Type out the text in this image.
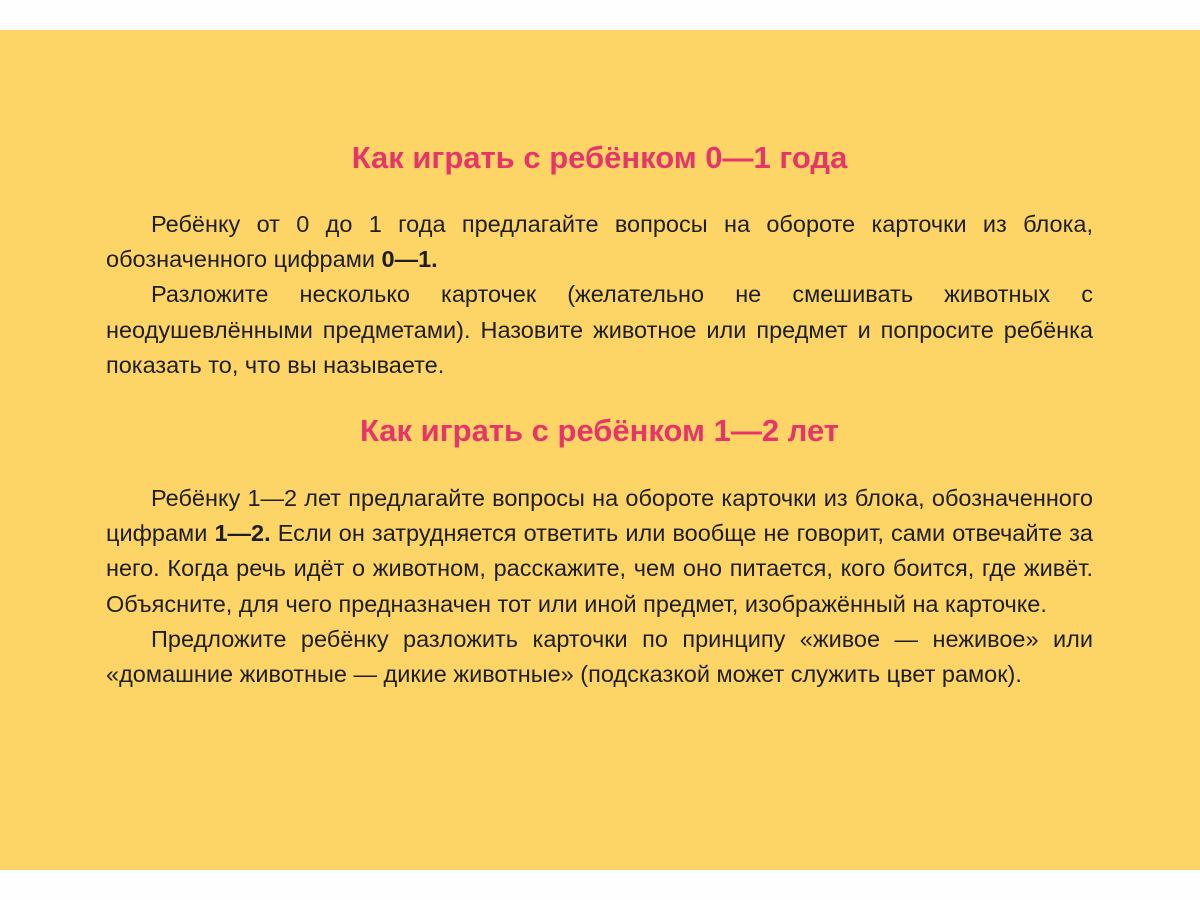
Как играть с ребёнком 0—1 года

Ребёнку от 0 до 1 года предлагайте вопросы на обороте карточки из блока, обозначенного цифрами 0—1.

Разложите несколько карточек (желательно не смешивать животных с неодушевлёнными предметами). Назовите животное или предмет и попросите ребёнка показать то, что вы называете.

Как играть с ребёнком 1—2 лет

Ребёнку 1—2 лет предлагайте вопросы на обороте карточки из блока, обозначенного цифрами 1—2. Если он затрудняется ответить или вообще не говорит, сами отвечайте за него. Когда речь идёт о животном, расскажите, чем оно питается, кого боится, где живёт. Объясните, для чего предназначен тот или иной предмет, изображённый на карточке.

Предложите ребёнку разложить карточки по принципу «живое — неживое» или «домашние животные — дикие животные» (подсказкой может служить цвет рамок).
